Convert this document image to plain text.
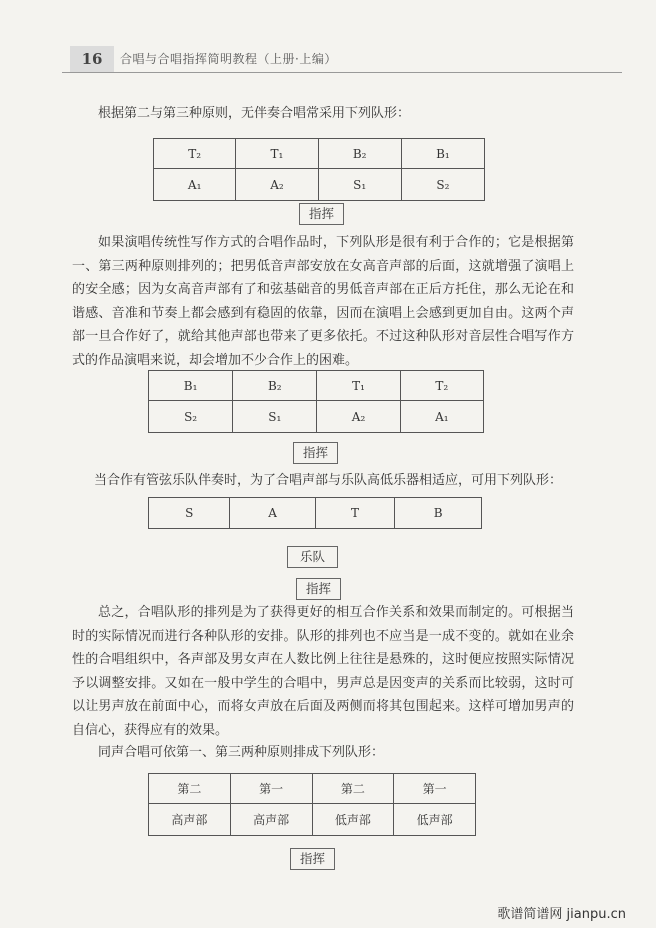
16	合唱与合唱指挥简明教程（上册·上编）
根据第二与第三种原则，无伴奏合唱常采用下列队形：
T₂	T₁	B₂	B₁
A₁	A₂	S₁	S₂
指挥
如果演唱传统性写作方式的合唱作品时，下列队形是很有利于合作的；它是根据第一、第三两种原则排列的；把男低音声部安放在女高音声部的后面，这就增强了演唱上的安全感；因为女高音声部有了和弦基础音的男低音声部在正后方托住，那么无论在和谐感、音准和节奏上都会感到有稳固的依靠，因而在演唱上会感到更加自由。这两个声部一旦合作好了，就给其他声部也带来了更多依托。不过这种队形对音层性合唱写作方式的作品演唱来说，却会增加不少合作上的困难。
B₁	B₂	T₁	T₂
S₂	S₁	A₂	A₁
指挥
当合作有管弦乐队伴奏时，为了合唱声部与乐队高低乐器相适应，可用下列队形：
S	A	T	B
乐队
指挥
总之，合唱队形的排列是为了获得更好的相互合作关系和效果而制定的。可根据当时的实际情况而进行各种队形的安排。队形的排列也不应当是一成不变的。就如在业余性的合唱组织中，各声部及男女声在人数比例上往往是悬殊的，这时便应按照实际情况予以调整安排。又如在一般中学生的合唱中，男声总是因变声的关系而比较弱，这时可以让男声放在前面中心，而将女声放在后面及两侧而将其包围起来。这样可增加男声的自信心，获得应有的效果。
同声合唱可依第一、第三两种原则排成下列队形：
第二	第一	第二	第一
高声部	高声部	低声部	低声部
指挥
歌谱简谱网 jianpu.cn
